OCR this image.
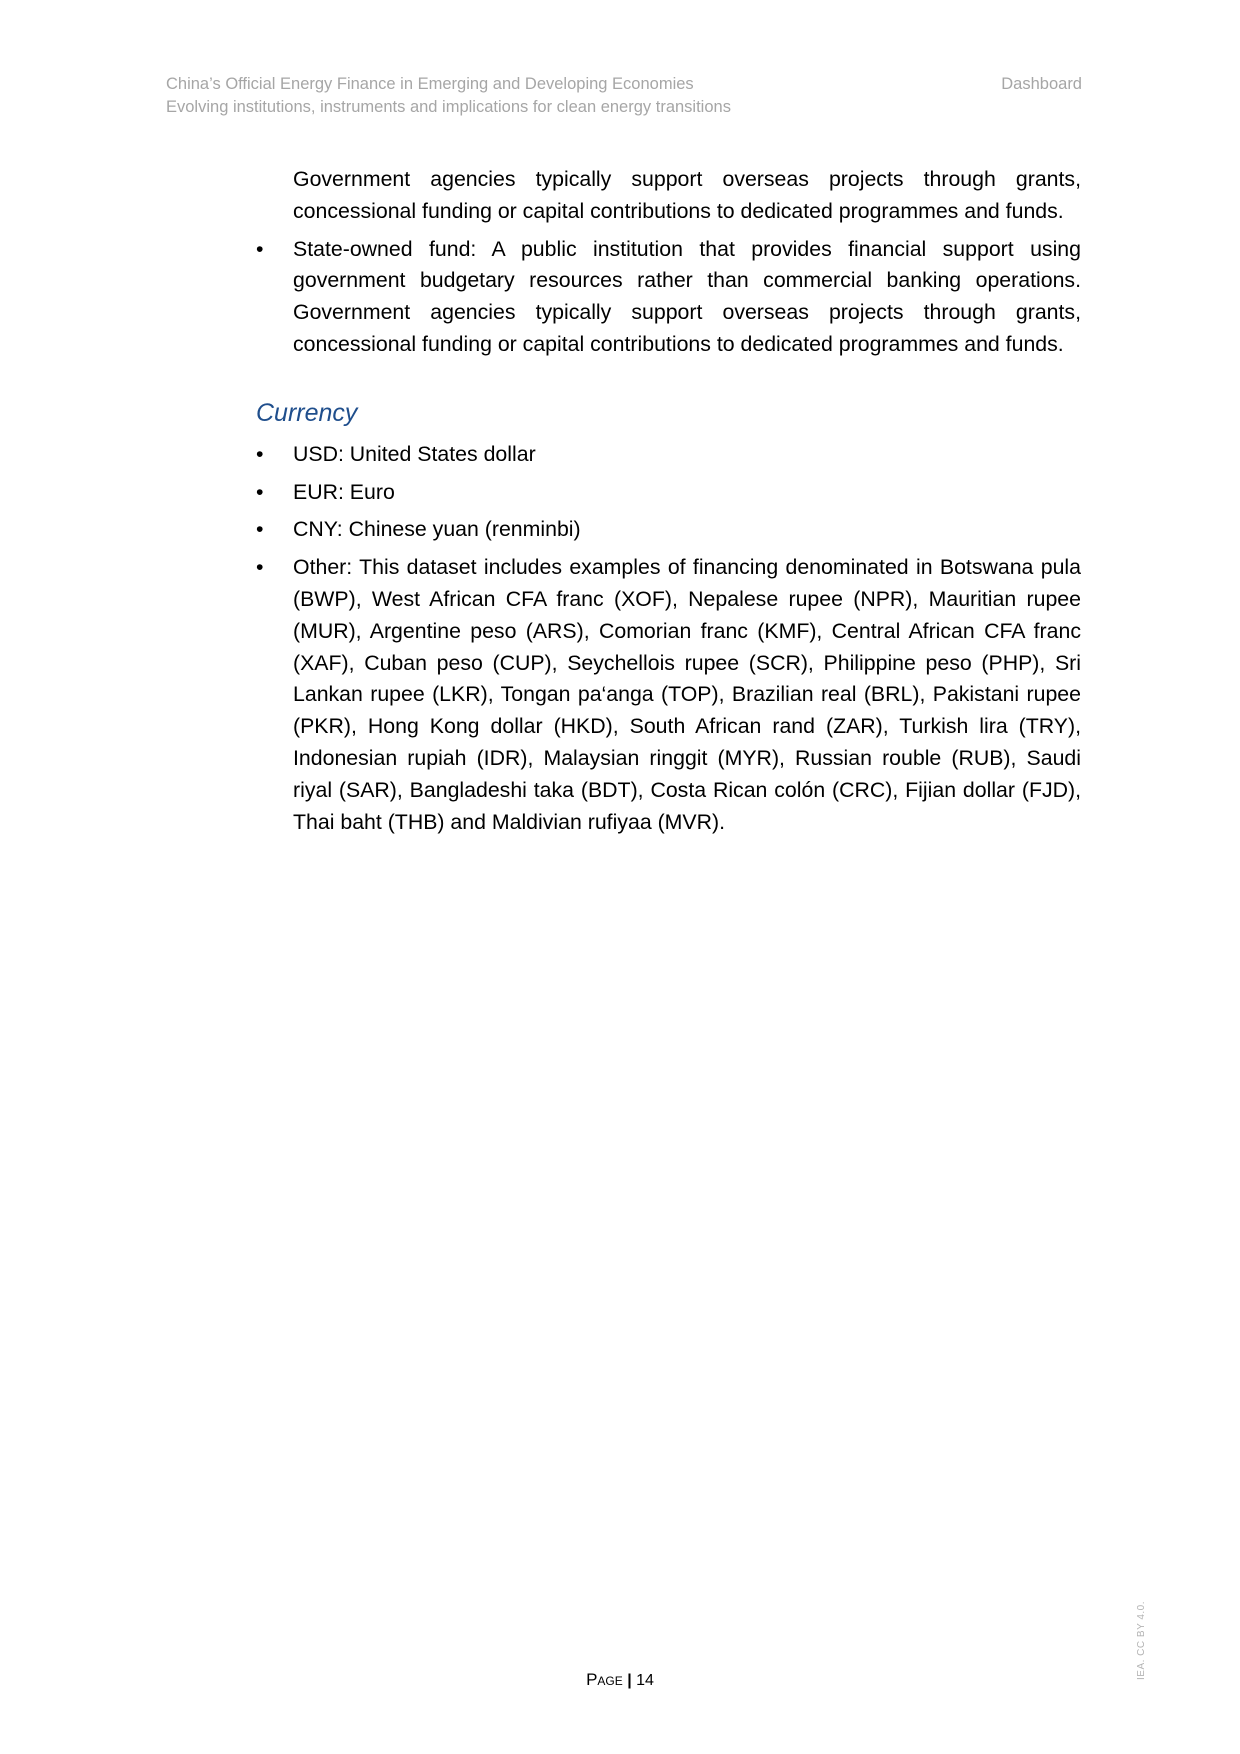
China’s Official Energy Finance in Emerging and Developing Economies
Evolving institutions, instruments and implications for clean energy transitions
Dashboard

Government agencies typically support overseas projects through grants, concessional funding or capital contributions to dedicated programmes and funds.

•	State-owned fund: A public institution that provides financial support using government budgetary resources rather than commercial banking operations. Government agencies typically support overseas projects through grants, concessional funding or capital contributions to dedicated programmes and funds.
Currency
•	USD: United States dollar
•	EUR: Euro
•	CNY: Chinese yuan (renminbi)
•	Other: This dataset includes examples of financing denominated in Botswana pula (BWP), West African CFA franc (XOF), Nepalese rupee (NPR), Mauritian rupee (MUR), Argentine peso (ARS), Comorian franc (KMF), Central African CFA franc (XAF), Cuban peso (CUP), Seychellois rupee (SCR), Philippine peso (PHP), Sri Lankan rupee (LKR), Tongan pa‘anga (TOP), Brazilian real (BRL), Pakistani rupee (PKR), Hong Kong dollar (HKD), South African rand (ZAR), Turkish lira (TRY), Indonesian rupiah (IDR), Malaysian ringgit (MYR), Russian rouble (RUB), Saudi riyal (SAR), Bangladeshi taka (BDT), Costa Rican colón (CRC), Fijian dollar (FJD), Thai baht (THB) and Maldivian rufiyaa (MVR).
Page | 14
IEA. CC BY 4.0.
